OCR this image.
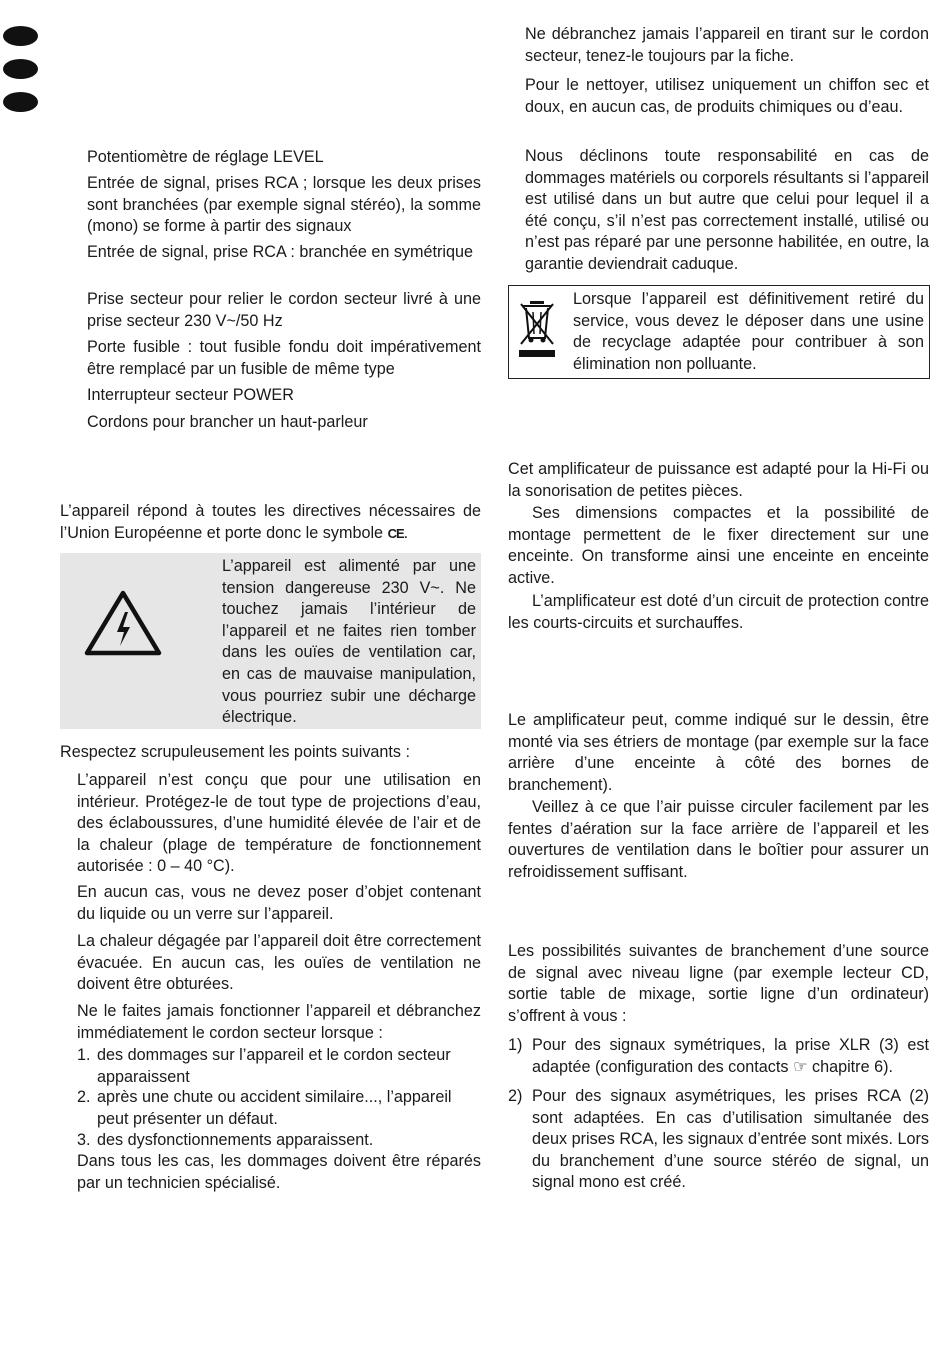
Potentiomètre de réglage LEVEL

Entrée de signal, prises RCA ; lorsque les deux prises sont branchées (par exemple signal stéréo), la somme (mono) se forme à partir des signaux

Entrée de signal, prise RCA : branchée en symétrique

Prise secteur pour relier le cordon secteur livré à une prise secteur 230 V~/50 Hz

Porte fusible : tout fusible fondu doit impérativement être remplacé par un fusible de même type

Interrupteur secteur POWER

Cordons pour brancher un haut-parleur

L’appareil répond à toutes les directives nécessaires de l’Union Européenne et porte donc le symbole CE.

L’appareil est alimenté par une tension dangereuse 230 V~. Ne touchez jamais l’intérieur de l’appareil et ne faites rien tomber dans les ouïes de ventilation car, en cas de mauvaise manipulation, vous pourriez subir une décharge électrique.

Respectez scrupuleusement les points suivants :

L’appareil n’est conçu que pour une utilisation en intérieur. Protégez-le de tout type de projections d’eau, des éclaboussures, d’une humidité élevée de l’air et de la chaleur (plage de température de fonctionnement autorisée : 0 – 40 °C).

En aucun cas, vous ne devez poser d’objet contenant du liquide ou un verre sur l’appareil.

La chaleur dégagée par l’appareil doit être correctement évacuée. En aucun cas, les ouïes de ventilation ne doivent être obturées.

Ne le faites jamais fonctionner l’appareil et débranchez immédiatement le cordon secteur lorsque :

1. des dommages sur l’appareil et le cordon secteur apparaissent

2. après une chute ou accident similaire..., l’appareil peut présenter un défaut.

3. des dysfonctionnements apparaissent.

Dans tous les cas, les dommages doivent être réparés par un technicien spécialisé.

Ne débranchez jamais l’appareil en tirant sur le cordon secteur, tenez-le toujours par la fiche.

Pour le nettoyer, utilisez uniquement un chiffon sec et doux, en aucun cas, de produits chimiques ou d’eau.

Nous déclinons toute responsabilité en cas de dommages matériels ou corporels résultants si l’appareil est utilisé dans un but autre que celui pour lequel il a été conçu, s’il n’est pas correctement installé, utilisé ou n’est pas réparé par une personne habilitée, en outre, la garantie deviendrait caduque.

Lorsque l’appareil est définitivement retiré du service, vous devez le déposer dans une usine de recyclage adaptée pour contribuer à son élimination non polluante.

Cet amplificateur de puissance est adapté pour la Hi-Fi ou la sonorisation de petites pièces.

Ses dimensions compactes et la possibilité de montage permettent de le fixer directement sur une enceinte. On transforme ainsi une enceinte en enceinte active.

L’amplificateur est doté d’un circuit de protection contre les courts-circuits et surchauffes.

Le amplificateur peut, comme indiqué sur le dessin, être monté via ses étriers de montage (par exemple sur la face arrière d’une enceinte à côté des bornes de branchement).

Veillez à ce que l’air puisse circuler facilement par les fentes d’aération sur la face arrière de l’appareil et les ouvertures de ventilation dans le boîtier pour assurer un refroidissement suffisant.

Les possibilités suivantes de branchement d’une source de signal avec niveau ligne (par exemple lecteur CD, sortie table de mixage, sortie ligne d’un ordinateur) s’offrent à vous :

1) Pour des signaux symétriques, la prise XLR (3) est adaptée (configuration des contacts ☞ chapitre 6).

2) Pour des signaux asymétriques, les prises RCA (2) sont adaptées. En cas d’utilisation simultanée des deux prises RCA, les signaux d’entrée sont mixés. Lors du branchement d’une source stéréo de signal, un signal mono est créé.
